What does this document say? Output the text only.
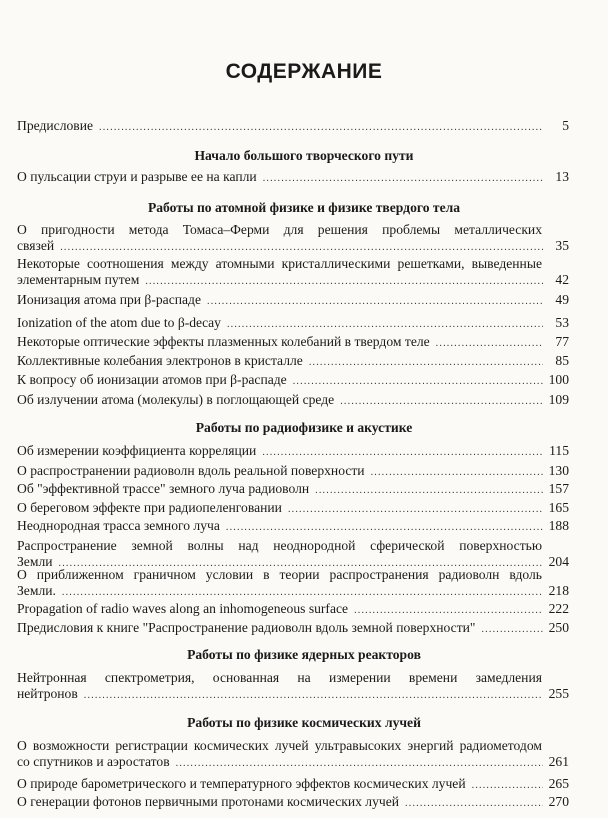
СОДЕРЖАНИЕ
Предисловие .....	5
Начало большого творческого пути
О пульсации струи и разрыве ее на капли .....	13
Работы по атомной физике и физике твердого тела
О пригодности метода Томаса–Ферми для решения проблемы металлических
связей .....	35
Некоторые соотношения между атомными кристаллическими решетками, выведенные
элементарным путем .....	42
Ионизация атома при β-распаде .....	49
Ionization of the atom due to β-decay .....	53
Некоторые оптические эффекты плазменных колебаний в твердом теле .....	77
Коллективные колебания электронов в кристалле .....	85
К вопросу об ионизации атомов при β-распаде .....	100
Об излучении атома (молекулы) в поглощающей среде .....	109
Работы по радиофизике и акустике
Об измерении коэффициента корреляции .....	115
О распространении радиоволн вдоль реальной поверхности .....	130
Об "эффективной трассе" земного луча радиоволн .....	157
О береговом эффекте при радиопеленговании .....	165
Неоднородная трасса земного луча .....	188
Распространение земной волны над неоднородной сферической поверхностью
Земли .....	204
О приближенном граничном условии в теории распространения радиоволн вдоль
Земли. .....	218
Propagation of radio waves along an inhomogeneous surface .....	222
Предисловия к книге "Распространение радиоволн вдоль земной поверхности" .....	250
Работы по физике ядерных реакторов
Нейтронная спектрометрия, основанная на измерении времени замедления
нейтронов .....	255
Работы по физике космических лучей
О возможности регистрации космических лучей ультравысоких энергий радиометодом
со спутников и аэростатов .....	261
О природе барометрического и температурного эффектов космических лучей .....	265
О генерации фотонов первичными протонами космических лучей .....	270
